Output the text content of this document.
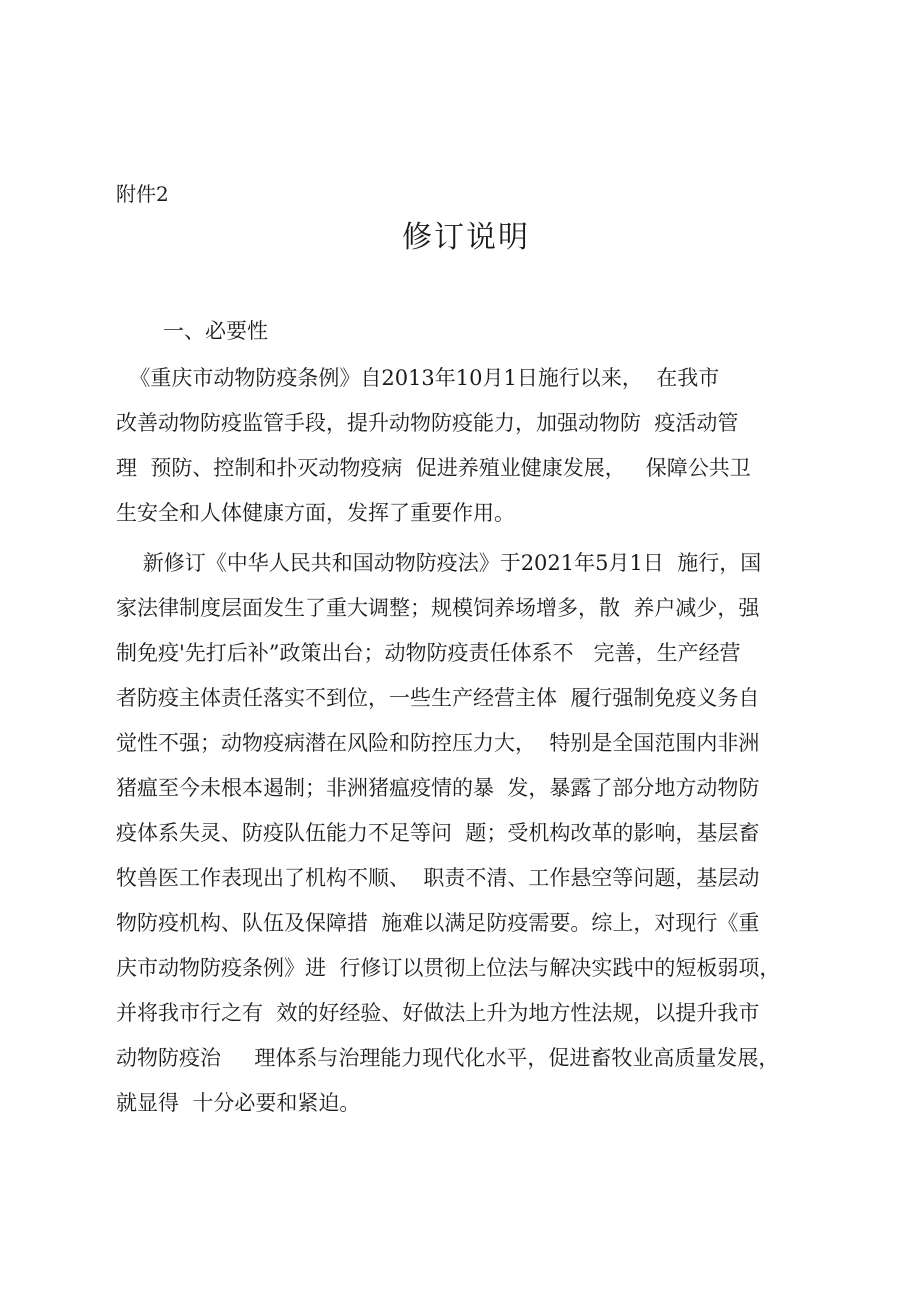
附件2
修订说明
一、必要性
《重庆市动物防疫条例》自2013年10月1日施行以来，  在我市
改善动物防疫监管手段，提升动物防疫能力，加强动物防  疫活动管
理  预防、控制和扑灭动物疫病  促进养殖业健康发展，   保障公共卫
生安全和人体健康方面，发挥了重要作用。
新修订《中华人民共和国动物防疫法》于2021年5月1日  施行，国
家法律制度层面发生了重大调整；规模饲养场增多，散  养户减少，强
制免疫'先打后补”政策出台；动物防疫责任体系不   完善，生产经营
者防疫主体责任落实不到位，一些生产经营主体  履行强制免疫义务自
觉性不强；动物疫病潜在风险和防控压力大，  特别是全国范围内非洲
猪瘟至今未根本遏制；非洲猪瘟疫情的暴  发，暴露了部分地方动物防
疫体系失灵、防疫队伍能力不足等问  题；受机构改革的影响，基层畜
牧兽医工作表现出了机构不顺、  职责不清、工作悬空等问题，基层动
物防疫机构、队伍及保障措  施难以满足防疫需要。综上，对现行《重
庆市动物防疫条例》进  行修订以贯彻上位法与解决实践中的短板弱项，
并将我市行之有  效的好经验、好做法上升为地方性法规，以提升我市
动物防疫治     理体系与治理能力现代化水平，促进畜牧业高质量发展，
就显得  十分必要和紧迫。
